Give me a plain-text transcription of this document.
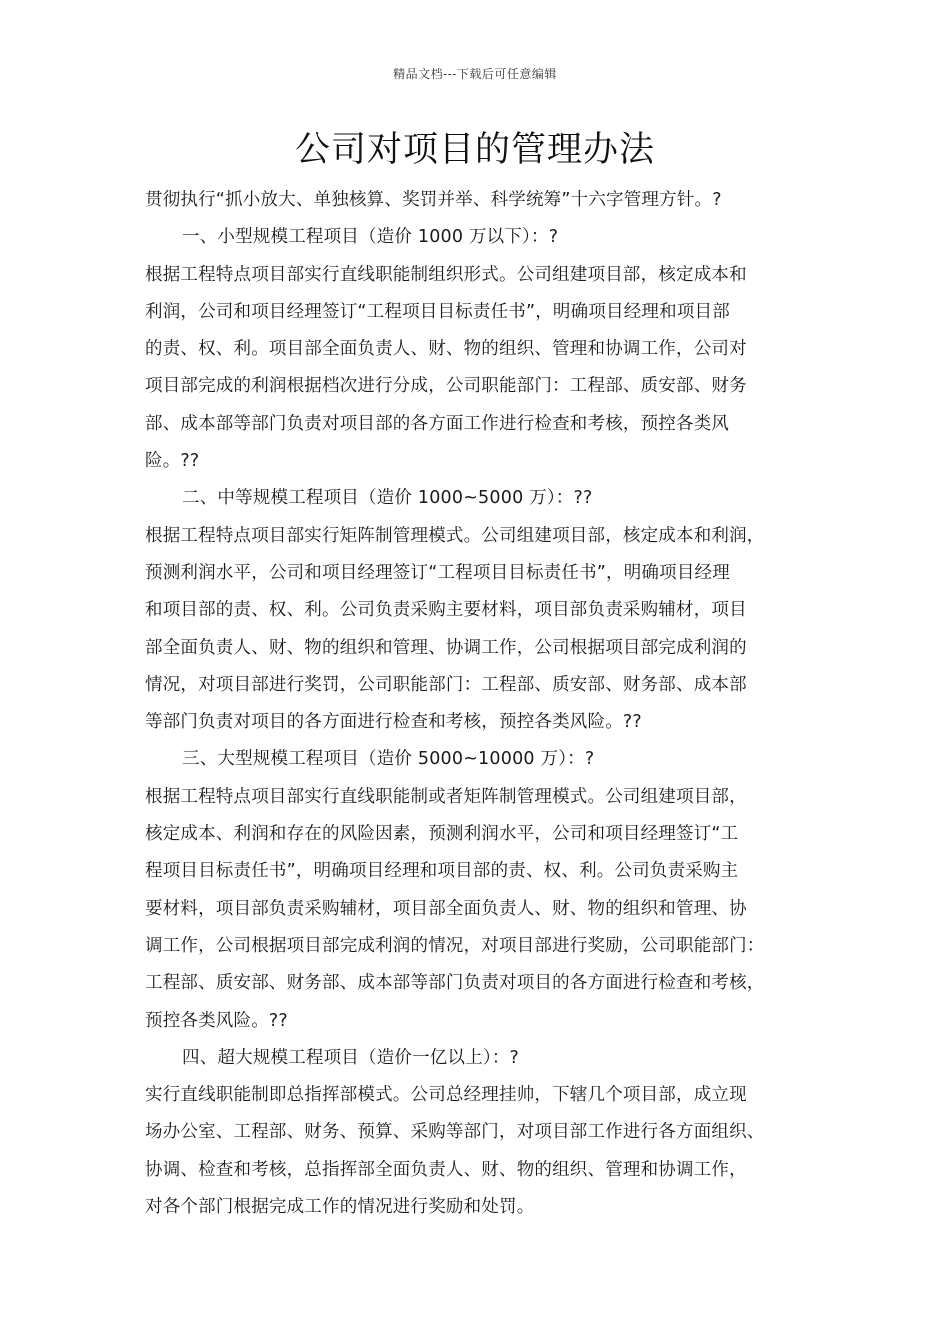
精品文档---下载后可任意编辑
公司对项目的管理办法
贯彻执行“抓小放大、单独核算、奖罚并举、科学统筹”十六字管理方针。?
一、小型规模工程项目（造价 1000 万以下）：?
根据工程特点项目部实行直线职能制组织形式。公司组建项目部，核定成本和
利润，公司和项目经理签订“工程项目目标责任书”，明确项目经理和项目部
的责、权、利。项目部全面负责人、财、物的组织、管理和协调工作，公司对
项目部完成的利润根据档次进行分成，公司职能部门：工程部、质安部、财务
部、成本部等部门负责对项目部的各方面工作进行检查和考核，预控各类风
险。??
二、中等规模工程项目（造价 1000~5000 万）：??
根据工程特点项目部实行矩阵制管理模式。公司组建项目部，核定成本和利润，
预测利润水平，公司和项目经理签订“工程项目目标责任书”，明确项目经理
和项目部的责、权、利。公司负责采购主要材料，项目部负责采购辅材，项目
部全面负责人、财、物的组织和管理、协调工作，公司根据项目部完成利润的
情况，对项目部进行奖罚，公司职能部门：工程部、质安部、财务部、成本部
等部门负责对项目的各方面进行检查和考核，预控各类风险。??
三、大型规模工程项目（造价 5000~10000 万）：?
根据工程特点项目部实行直线职能制或者矩阵制管理模式。公司组建项目部，
核定成本、利润和存在的风险因素，预测利润水平，公司和项目经理签订“工
程项目目标责任书”，明确项目经理和项目部的责、权、利。公司负责采购主
要材料，项目部负责采购辅材，项目部全面负责人、财、物的组织和管理、协
调工作，公司根据项目部完成利润的情况，对项目部进行奖励，公司职能部门：
工程部、质安部、财务部、成本部等部门负责对项目的各方面进行检查和考核，
预控各类风险。??
四、超大规模工程项目（造价一亿以上）：?
实行直线职能制即总指挥部模式。公司总经理挂帅，下辖几个项目部，成立现
场办公室、工程部、财务、预算、采购等部门，对项目部工作进行各方面组织、
协调、检查和考核，总指挥部全面负责人、财、物的组织、管理和协调工作，
对各个部门根据完成工作的情况进行奖励和处罚。
